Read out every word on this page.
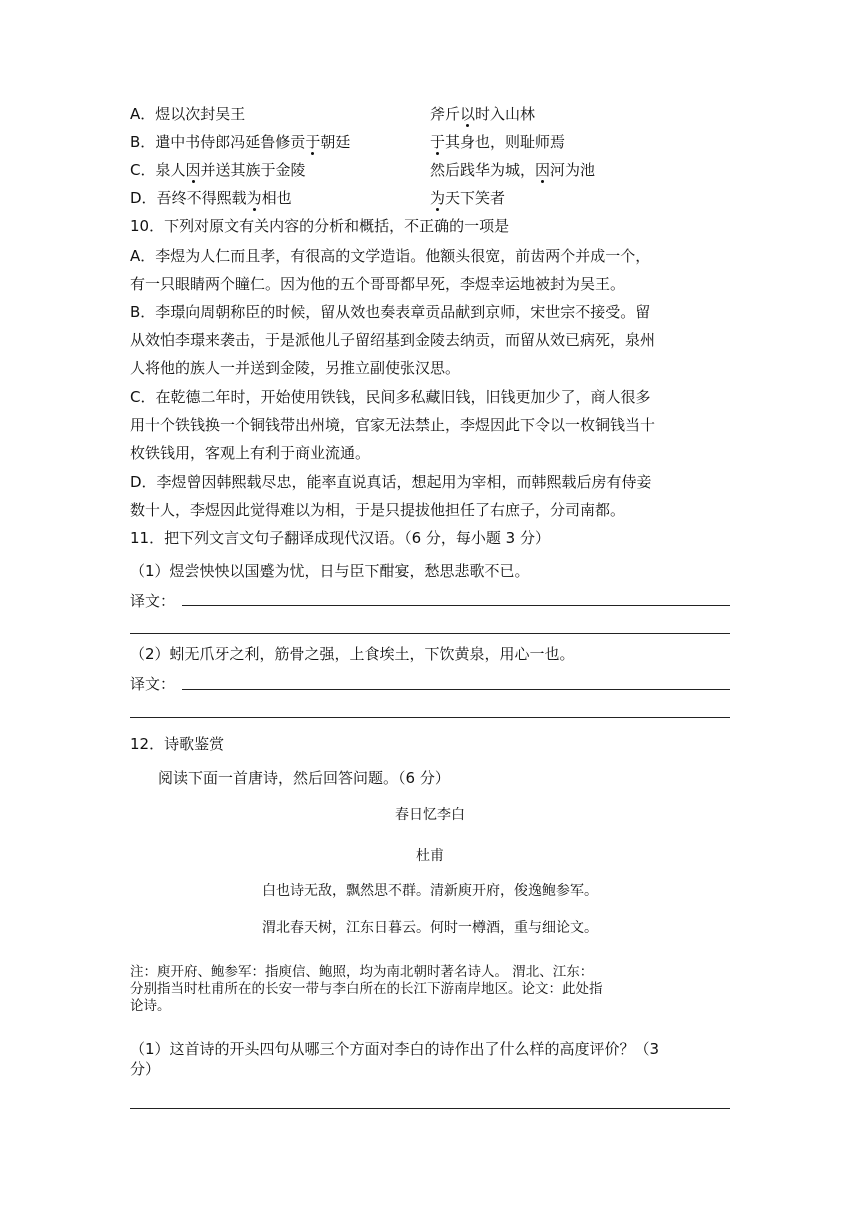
A．煜以次封吴王	斧斤以时入山林
B．遣中书侍郎冯延鲁修贡于朝廷	于其身也，则耻师焉
C．泉人因并送其族于金陵	然后践华为城，因河为池
D．吾终不得熙载为相也	为天下笑者
10．下列对原文有关内容的分析和概括，不正确的一项是
A．李煜为人仁而且孝，有很高的文学造诣。他额头很宽，前齿两个并成一个，
有一只眼睛两个瞳仁。因为他的五个哥哥都早死，李煜幸运地被封为吴王。
B．李璟向周朝称臣的时候，留从效也奏表章贡品献到京师，宋世宗不接受。留
从效怕李璟来袭击，于是派他儿子留绍基到金陵去纳贡，而留从效已病死，泉州
人将他的族人一并送到金陵，另推立副使张汉思。
C．在乾德二年时，开始使用铁钱，民间多私藏旧钱，旧钱更加少了，商人很多
用十个铁钱换一个铜钱带出州境，官家无法禁止，李煜因此下令以一枚铜钱当十
枚铁钱用，客观上有利于商业流通。
D．李煜曾因韩熙载尽忠，能率直说真话，想起用为宰相，而韩熙载后房有侍妾
数十人，李煜因此觉得难以为相，于是只提拔他担任了右庶子，分司南都。
11．把下列文言文句子翻译成现代汉语。（6 分，每小题 3 分）
（1）煜尝怏怏以国蹙为忧，日与臣下酣宴，愁思悲歌不已。
译文：
（2）蚓无爪牙之利，筋骨之强，上食埃土，下饮黄泉，用心一也。
译文：
12．诗歌鉴赏
阅读下面一首唐诗，然后回答问题。（6 分）
春日忆李白
杜甫
白也诗无敌，飘然思不群。清新庾开府，俊逸鲍参军。
渭北春天树，江东日暮云。何时一樽酒，重与细论文。
注：庾开府、鲍参军：指庾信、鲍照，均为南北朝时著名诗人。 渭北、江东：
分别指当时杜甫所在的长安一带与李白所在的长江下游南岸地区。论文：此处指
论诗。
（1）这首诗的开头四句从哪三个方面对李白的诗作出了什么样的高度评价？（3
分）
